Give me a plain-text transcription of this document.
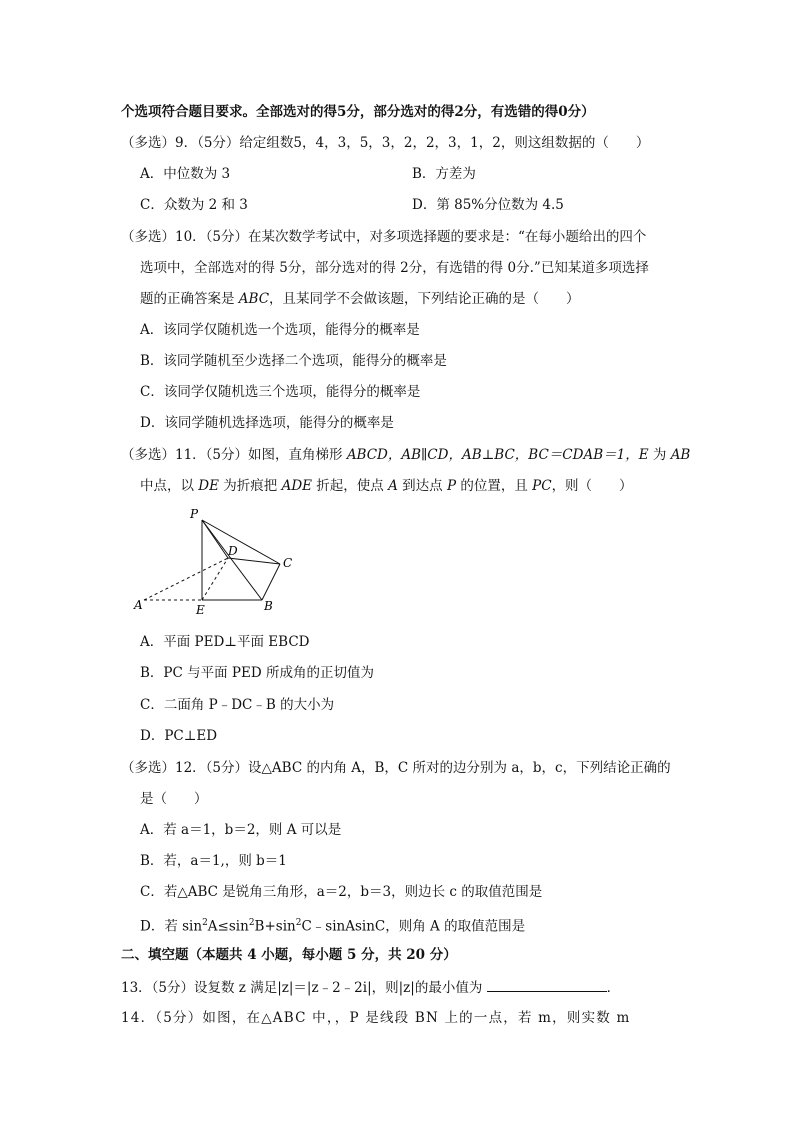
个选项符合题目要求。全部选对的得5分，部分选对的得2分，有选错的得0分）
（多选）9．（5分）给定组数5，4，3，5，3，2，2，3，1，2，则这组数据的（　　）
A．中位数为 3	B．方差为
C．众数为 2 和 3	D．第 85%分位数为 4.5
（多选）10．（5分）在某次数学考试中，对多项选择题的要求是：“在每小题给出的四个
选项中，全部选对的得 5分，部分选对的得 2分，有选错的得 0分.”已知某道多项选择
题的正确答案是 ABC，且某同学不会做该题，下列结论正确的是（　　）
A．该同学仅随机选一个选项，能得分的概率是
B．该同学随机至少选择二个选项，能得分的概率是
C．该同学仅随机选三个选项，能得分的概率是
D．该同学随机选择选项，能得分的概率是
（多选）11．（5分）如图，直角梯形 ABCD，AB∥CD，AB⊥BC，BC＝CDAB＝1，E 为 AB
中点，以 DE 为折痕把 ADE 折起，使点 A 到达点 P 的位置，且 PC，则（　　）
P
D
C
A	E	B
A．平面 PED⊥平面 EBCD
B．PC 与平面 PED 所成角的正切值为
C．二面角 P﹣DC﹣B 的大小为
D．PC⊥ED
（多选）12．（5分）设△ABC 的内角 A，B，C 所对的边分别为 a，b，c，下列结论正确的
是（　　）
A．若 a＝1，b＝2，则 A 可以是
B．若，a＝1,，则 b＝1
C．若△ABC 是锐角三角形，a＝2，b＝3，则边长 c 的取值范围是
D．若 $\sin^2A\le\sin^2B+\sin^2C﹣sinAsinC$，则角 A 的取值范围是
二、填空题（本题共 4 小题，每小题 5 分，共 20 分）
13．（5分）设复数 z 满足|z|＝|z﹣2﹣2i|，则|z|的最小值为	．
14．（5分）如图，在△ABC 中，，P 是线段 BN 上的一点，若 m，则实数 m
